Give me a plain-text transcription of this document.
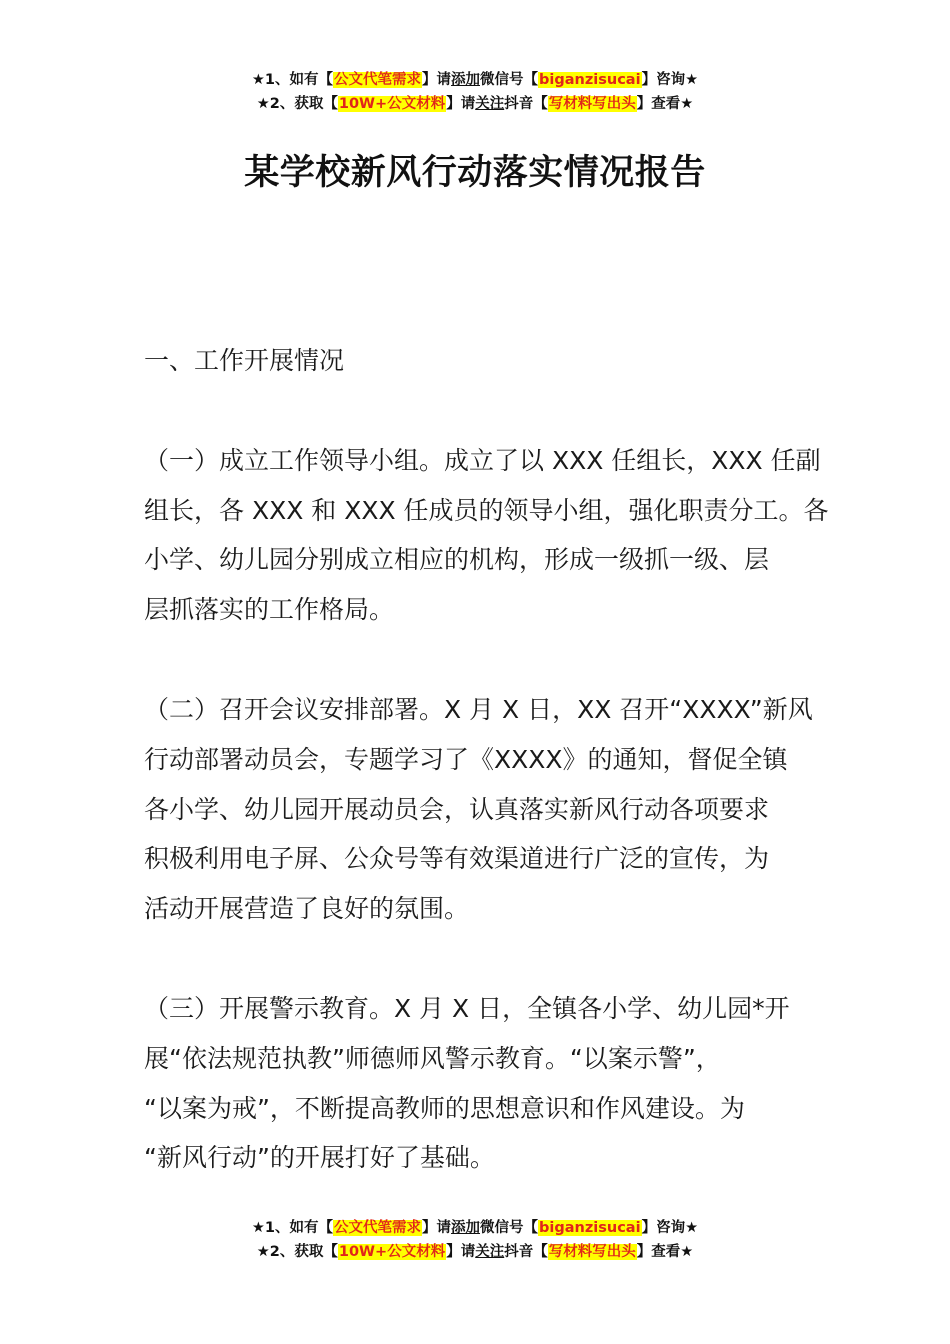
★1、如有【公文代笔需求】请添加微信号【biganzisucai】咨询★
★2、获取【10W+公文材料】请关注抖音【写材料写出头】查看★
某学校新风行动落实情况报告
一、工作开展情况
（一）成立工作领导小组。成立了以 XXX 任组长，XXX 任副
组长，各 XXX 和 XXX 任成员的领导小组，强化职责分工。各
小学、幼儿园分别成立相应的机构，形成一级抓一级、层
层抓落实的工作格局。
（二）召开会议安排部署。X 月 X 日，XX 召开“XXXX”新风
行动部署动员会，专题学习了《XXXX》的通知，督促全镇
各小学、幼儿园开展动员会，认真落实新风行动各项要求
积极利用电子屏、公众号等有效渠道进行广泛的宣传，为
活动开展营造了良好的氛围。
（三）开展警示教育。X 月 X 日，全镇各小学、幼儿园*开
展“依法规范执教”师德师风警示教育。“以案示警”，
“以案为戒”，不断提高教师的思想意识和作风建设。为
“新风行动”的开展打好了基础。
★1、如有【公文代笔需求】请添加微信号【biganzisucai】咨询★
★2、获取【10W+公文材料】请关注抖音【写材料写出头】查看★
